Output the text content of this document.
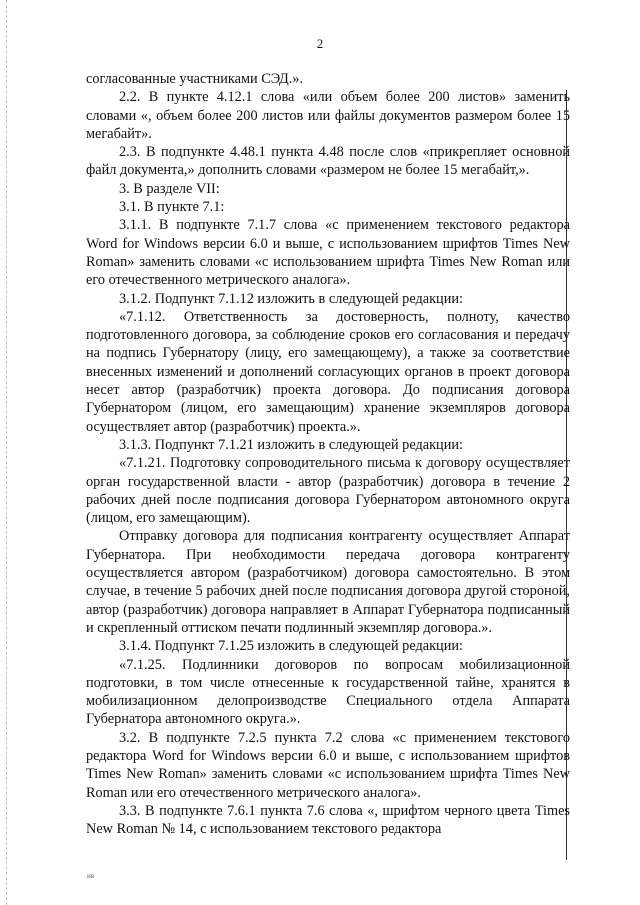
2

согласованные участниками СЭД.».

2.2. В пункте 4.12.1 слова «или объем более 200 листов» заменить словами «, объем более 200 листов или файлы документов размером более 15 мегабайт».

2.3. В подпункте 4.48.1 пункта 4.48 после слов «прикрепляет основной файл документа,» дополнить словами «размером не более 15 мегабайт,».

3. В разделе VII:

3.1. В пункте 7.1:

3.1.1. В подпункте 7.1.7 слова «с применением текстового редактора Word for Windows версии 6.0 и выше, с использованием шрифтов Times New Roman» заменить словами «с использованием шрифта Times New Roman или его отечественного метрического аналога».

3.1.2. Подпункт 7.1.12 изложить в следующей редакции:

«7.1.12. Ответственность за достоверность, полноту, качество подготовленного договора, за соблюдение сроков его согласования и передачу на подпись Губернатору (лицу, его замещающему), а также за соответствие внесенных изменений и дополнений согласующих органов в проект договора несет автор (разработчик) проекта договора. До подписания договора Губернатором (лицом, его замещающим) хранение экземпляров договора осуществляет автор (разработчик) проекта.».

3.1.3. Подпункт 7.1.21 изложить в следующей редакции:

«7.1.21. Подготовку сопроводительного письма к договору осуществляет орган государственной власти - автор (разработчик) договора в течение 2 рабочих дней после подписания договора Губернатором автономного округа (лицом, его замещающим).

Отправку договора для подписания контрагенту осуществляет Аппарат Губернатора. При необходимости передача договора контрагенту осуществляется автором (разработчиком) договора самостоятельно. В этом случае, в течение 5 рабочих дней после подписания договора другой стороной, автор (разработчик) договора направляет в Аппарат Губернатора подписанный и скрепленный оттиском печати подлинный экземпляр договора.».

3.1.4. Подпункт 7.1.25 изложить в следующей редакции:

«7.1.25. Подлинники договоров по вопросам мобилизационной подготовки, в том числе отнесенные к государственной тайне, хранятся в мобилизационном делопроизводстве Специального отдела Аппарата Губернатора автономного округа.».

3.2. В подпункте 7.2.5 пункта 7.2 слова «с применением текстового редактора Word for Windows версии 6.0 и выше, с использованием шрифтов Times New Roman» заменить словами «с использованием шрифта Times New Roman или его отечественного метрического аналога».

3.3. В подпункте 7.6.1 пункта 7.6 слова «, шрифтом черного цвета Times New Roman № 14, с использованием текстового редактора

ив
